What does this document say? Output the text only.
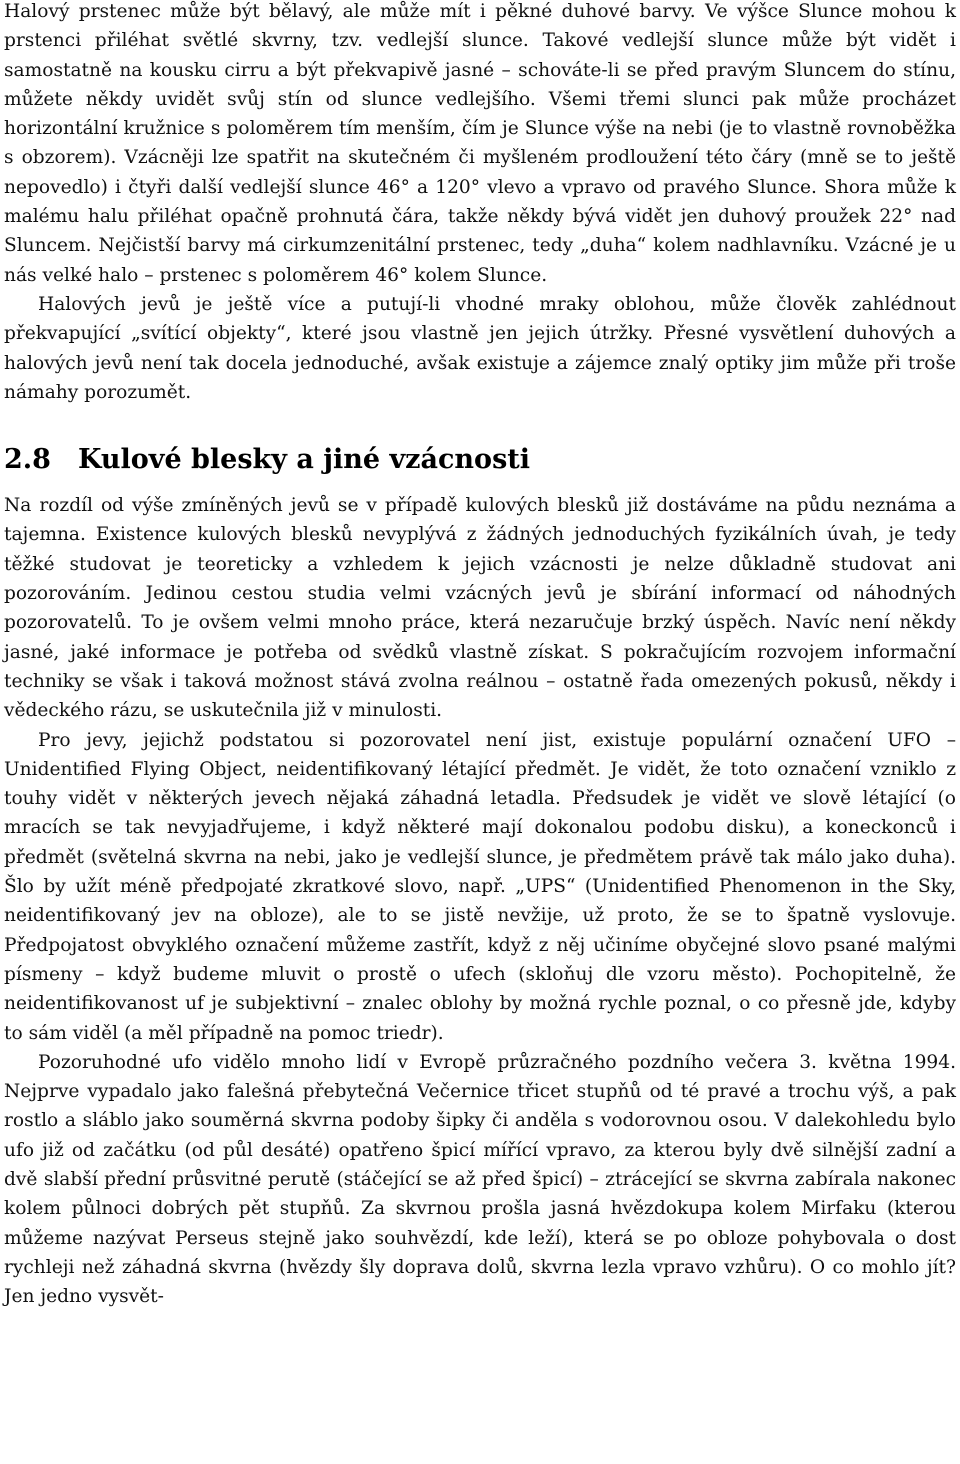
Halový prstenec může být bělavý, ale může mít i pěkné duhové barvy. Ve výšce Slunce mohou k prstenci přiléhat světlé skvrny, tzv. vedlejší slunce. Takové vedlejší slunce může být vidět i samostatně na kousku cirru a být překvapivě jasné – schováte-li se před pravým Sluncem do stínu, můžete někdy uvidět svůj stín od slunce vedlejšího. Všemi třemi slunci pak může procházet horizontální kružnice s poloměrem tím menším, čím je Slunce výše na nebi (je to vlastně rovnoběžka s obzorem). Vzácněji lze spatřit na skutečném či myšleném prodloužení této čáry (mně se to ještě nepovedlo) i čtyři další vedlejší slunce 46° a 120° vlevo a vpravo od pravého Slunce. Shora může k malému halu přiléhat opačně prohnutá čára, takže někdy bývá vidět jen duhový proužek 22° nad Sluncem. Nejčistší barvy má cirkumzenitální prstenec, tedy „duha“ kolem nadhlavníku. Vzácné je u nás velké halo – prstenec s poloměrem 46° kolem Slunce.

Halových jevů je ještě více a putují-li vhodné mraky oblohou, může člověk zahlédnout překvapující „svítící objekty“, které jsou vlastně jen jejich útržky. Přesné vysvětlení duhových a halových jevů není tak docela jednoduché, avšak existuje a zájemce znalý optiky jim může při troše námahy porozumět.

2.8	Kulové blesky a jiné vzácnosti

Na rozdíl od výše zmíněných jevů se v případě kulových blesků již dostáváme na půdu neznáma a tajemna. Existence kulových blesků nevyplývá z žádných jednoduchých fyzikálních úvah, je tedy těžké studovat je teoreticky a vzhledem k jejich vzácnosti je nelze důkladně studovat ani pozorováním. Jedinou cestou studia velmi vzácných jevů je sbírání informací od náhodných pozorovatelů. To je ovšem velmi mnoho práce, která nezaručuje brzký úspěch. Navíc není někdy jasné, jaké informace je potřeba od svědků vlastně získat. S pokračujícím rozvojem informační techniky se však i taková možnost stává zvolna reálnou – ostatně řada omezených pokusů, někdy i vědeckého rázu, se uskutečnila již v minulosti.

Pro jevy, jejichž podstatou si pozorovatel není jist, existuje populární označení UFO – Unidentified Flying Object, neidentifikovaný létající předmět. Je vidět, že toto označení vzniklo z touhy vidět v některých jevech nějaká záhadná letadla. Předsudek je vidět ve slově létající (o mracích se tak nevyjadřujeme, i když některé mají dokonalou podobu disku), a koneckonců i předmět (světelná skvrna na nebi, jako je vedlejší slunce, je předmětem právě tak málo jako duha). Šlo by užít méně předpojaté zkratkové slovo, např. „UPS“ (Unidentified Phenomenon in the Sky, neidentifikovaný jev na obloze), ale to se jistě nevžije, už proto, že se to špatně vyslovuje. Předpojatost obvyklého označení můžeme zastřít, když z něj učiníme obyčejné slovo psané malými písmeny – když budeme mluvit o prostě o ufech (skloňuj dle vzoru město). Pochopitelně, že neidentifikovanost uf je subjektivní – znalec oblohy by možná rychle poznal, o co přesně jde, kdyby to sám viděl (a měl případně na pomoc triedr).

Pozoruhodné ufo vidělo mnoho lidí v Evropě průzračného pozdního večera 3. května 1994. Nejprve vypadalo jako falešná přebytečná Večernice třicet stupňů od té pravé a trochu výš, a pak rostlo a sláblo jako souměrná skvrna podoby šipky či anděla s vodorovnou osou. V dalekohledu bylo ufo již od začátku (od půl desáté) opatřeno špicí mířící vpravo, za kterou byly dvě silnější zadní a dvě slabší přední průsvitné perutě (stáčející se až před špicí) – ztrácející se skvrna zabírala nakonec kolem půlnoci dobrých pět stupňů. Za skvrnou prošla jasná hvězdokupa kolem Mirfaku (kterou můžeme nazývat Perseus stejně jako souhvězdí, kde leží), která se po obloze pohybovala o dost rychleji než záhadná skvrna (hvězdy šly doprava dolů, skvrna lezla vpravo vzhůru). O co mohlo jít? Jen jedno vysvět-
